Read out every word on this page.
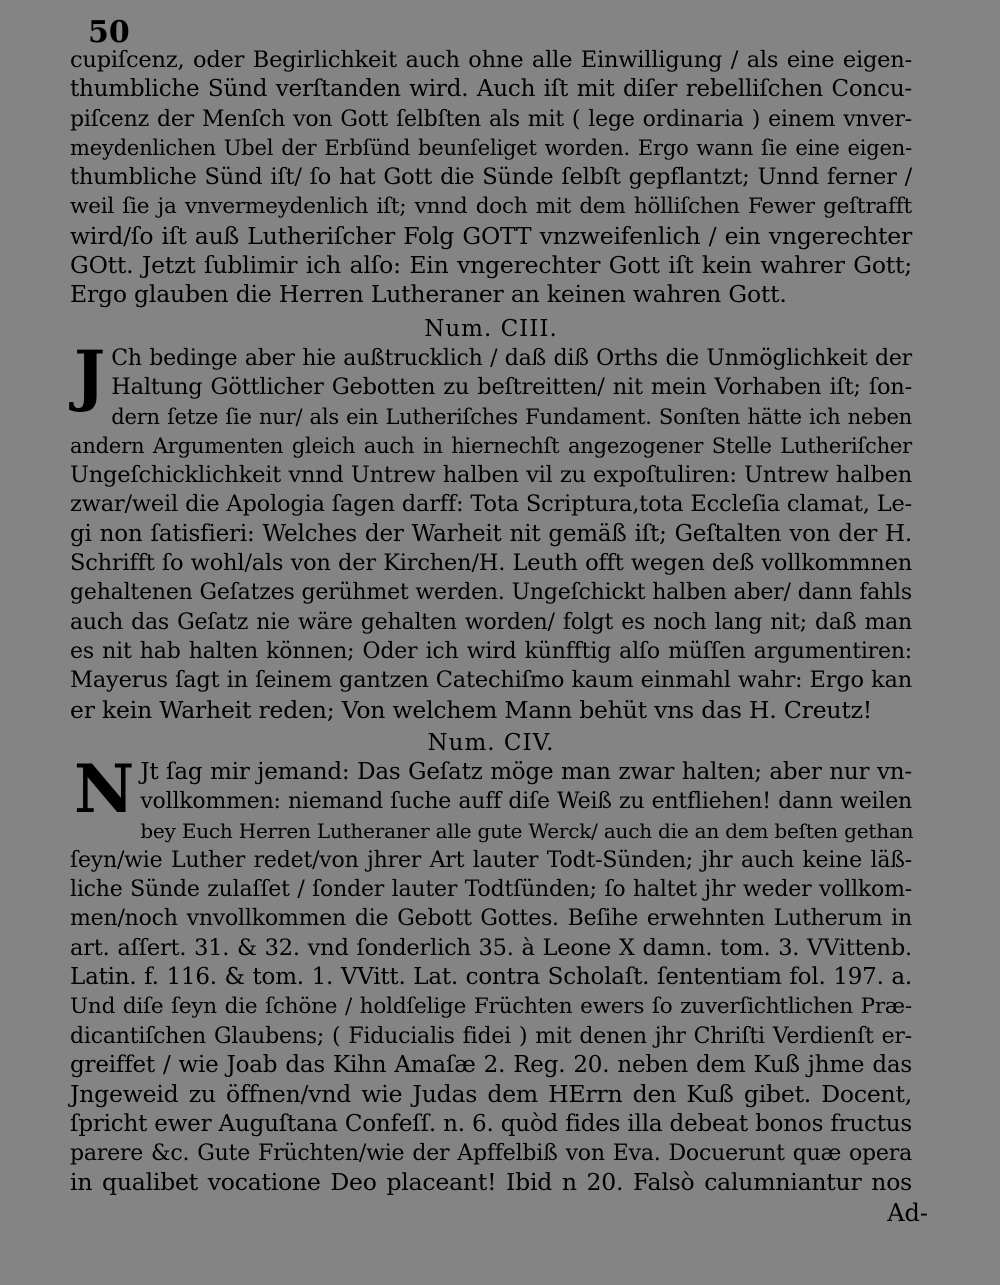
50
cupiſcenz, oder Begirlichkeit auch ohne alle Einwilligung / als eine eigen-
thumbliche Sünd verſtanden wird. Auch iſt mit diſer rebelliſchen Concu-
piſcenz der Menſch von Gott ſelbſten als mit ( lege ordinaria ) einem vnver-
meydenlichen Ubel der Erbſünd beunſeliget worden. Ergo wann ſie eine eigen-
thumbliche Sünd iſt/ ſo hat Gott die Sünde ſelbſt gepflantzt; Unnd ferner /
weil ſie ja vnvermeydenlich iſt; vnnd doch mit dem hölliſchen Fewer geſtrafft
wird/ſo iſt auß Lutheriſcher Folg GOTT vnzweifenlich / ein vngerechter
GOtt. Jetzt ſublimir ich alſo: Ein vngerechter Gott iſt kein wahrer Gott;
Ergo glauben die Herren Lutheraner an keinen wahren Gott.
Num. CIII.
J Ch bedinge aber hie außtrucklich / daß diß Orths die Unmöglichkeit der
Haltung Göttlicher Gebotten zu beſtreitten/ nit mein Vorhaben iſt; ſon-
dern ſetze ſie nur/ als ein Lutheriſches Fundament. Sonſten hätte ich neben
andern Argumenten gleich auch in hiernechſt angezogener Stelle Lutheriſcher
Ungeſchicklichkeit vnnd Untrew halben vil zu expoſtuliren: Untrew halben
zwar/weil die Apologia ſagen darff: Tota Scriptura,tota Eccleſia clamat, Le-
gi non ſatisfieri: Welches der Warheit nit gemäß iſt; Geſtalten von der H.
Schrifft ſo wohl/als von der Kirchen/H. Leuth offt wegen deß vollkommnen
gehaltenen Geſatzes gerühmet werden. Ungeſchickt halben aber/ dann fahls
auch das Geſatz nie wäre gehalten worden/ folgt es noch lang nit; daß man
es nit hab halten können; Oder ich wird künfftig alſo müſſen argumentiren:
Mayerus ſagt in ſeinem gantzen Catechiſmo kaum einmahl wahr: Ergo kan
er kein Warheit reden; Von welchem Mann behüt vns das H. Creutz!
Num. CIV.
N Jt ſag mir jemand: Das Geſatz möge man zwar halten; aber nur vn-
vollkommen: niemand ſuche auff diſe Weiß zu entfliehen! dann weilen
bey Euch Herren Lutheraner alle gute Werck/ auch die an dem beſten gethan
ſeyn/wie Luther redet/von jhrer Art lauter Todt-Sünden; jhr auch keine läß-
liche Sünde zulaſſet / ſonder lauter Todtſünden; ſo haltet jhr weder vollkom-
men/noch vnvollkommen die Gebott Gottes. Beſihe erwehnten Lutherum in
art. aſſert. 31. & 32. vnd ſonderlich 35. à Leone X damn. tom. 3. VVittenb.
Latin. f. 116. & tom. 1. VVitt. Lat. contra Scholaſt. ſententiam fol. 197. a.
Und diſe ſeyn die ſchöne / holdſelige Früchten ewers ſo zuverſichtlichen Præ-
dicantiſchen Glaubens; ( Fiducialis fidei ) mit denen jhr Chriſti Verdienſt er-
greiffet / wie Joab das Kihn Amaſæ 2. Reg. 20. neben dem Kuß jhme das
Jngeweid zu öffnen/vnd wie Judas dem HErrn den Kuß gibet. Docent,
ſpricht ewer Auguſtana Confeſſ. n. 6. quòd fides illa debeat bonos fructus
parere &c. Gute Früchten/wie der Apffelbiß von Eva. Docuerunt quæ opera
in qualibet vocatione Deo placeant! Ibid n 20. Falsò calumniantur nos
Ad-
